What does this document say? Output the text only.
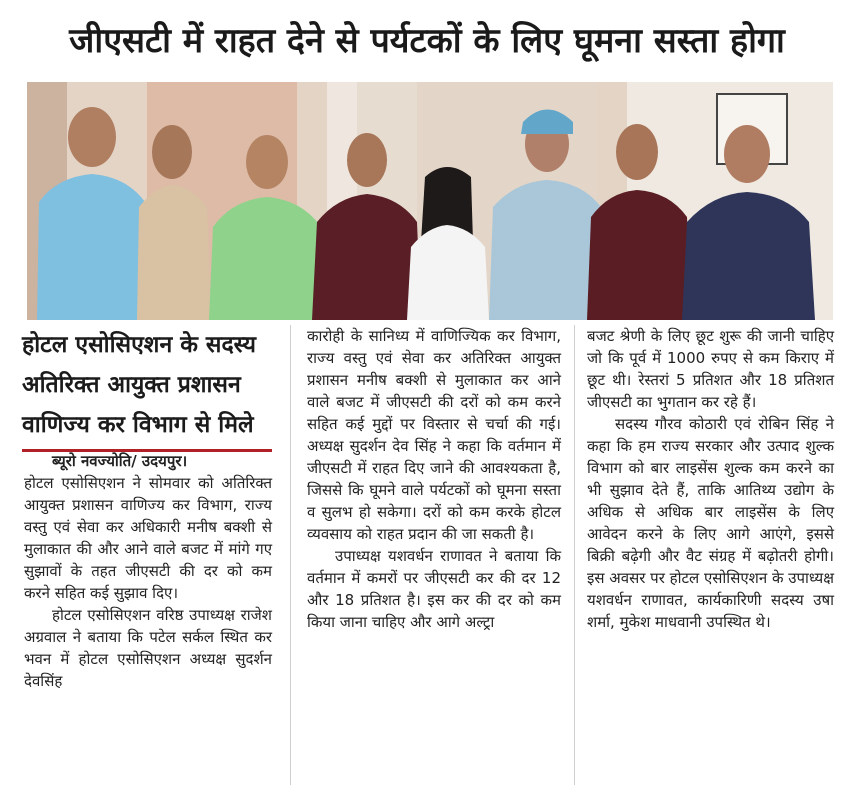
जीएसटी में राहत देने से पर्यटकों के लिए घूमना सस्ता होगा
होटल एसोसिएशन के सदस्य
अतिरिक्त आयुक्त प्रशासन
वाणिज्य कर विभाग से मिले

ब्यूरो नवज्योति/ उदयपुर।

होटल एसोसिएशन ने सोमवार को अतिरिक्त आयुक्त प्रशासन वाणिज्य कर विभाग, राज्य वस्तु एवं सेवा कर अधिकारी मनीष बक्शी से मुलाकात की और आने वाले बजट में मांगे गए सुझावों के तहत जीएसटी की दर को कम करने सहित कई सुझाव दिए।

होटल एसोसिएशन वरिष्ठ उपाध्यक्ष राजेश अग्रवाल ने बताया कि पटेल सर्कल स्थित कर भवन में होटल एसोसिएशन अध्यक्ष सुदर्शन देवसिंह

कारोही के सानिध्य में वाणिज्यिक कर विभाग, राज्य वस्तु एवं सेवा कर अतिरिक्त आयुक्त प्रशासन मनीष बक्शी से मुलाकात कर आने वाले बजट में जीएसटी की दरों को कम करने सहित कई मुद्दों पर विस्तार से चर्चा की गई। अध्यक्ष सुदर्शन देव सिंह ने कहा कि वर्तमान में जीएसटी में राहत दिए जाने की आवश्यकता है, जिससे कि घूमने वाले पर्यटकों को घूमना सस्ता व सुलभ हो सकेगा। दरों को कम करके होटल व्यवसाय को राहत प्रदान की जा सकती है।

उपाध्यक्ष यशवर्धन राणावत ने बताया कि वर्तमान में कमरों पर जीएसटी कर की दर 12 और 18 प्रतिशत है। इस कर की दर को कम किया जाना चाहिए और आगे अल्ट्रा

बजट श्रेणी के लिए छूट शुरू की जानी चाहिए जो कि पूर्व में 1000 रुपए से कम किराए में छूट थी। रेस्तरां 5 प्रतिशत और 18 प्रतिशत जीएसटी का भुगतान कर रहे हैं।

सदस्य गौरव कोठारी एवं रोबिन सिंह ने कहा कि हम राज्य सरकार और उत्पाद शुल्क विभाग को बार लाइसेंस शुल्क कम करने का भी सुझाव देते हैं, ताकि आतिथ्य उद्योग के अधिक से अधिक बार लाइसेंस के लिए आवेदन करने के लिए आगे आएंगे, इससे बिक्री बढ़ेगी और वैट संग्रह में बढ़ोतरी होगी। इस अवसर पर होटल एसोसिएशन के उपाध्यक्ष यशवर्धन राणावत, कार्यकारिणी सदस्य उषा शर्मा, मुकेश माधवानी उपस्थित थे।
